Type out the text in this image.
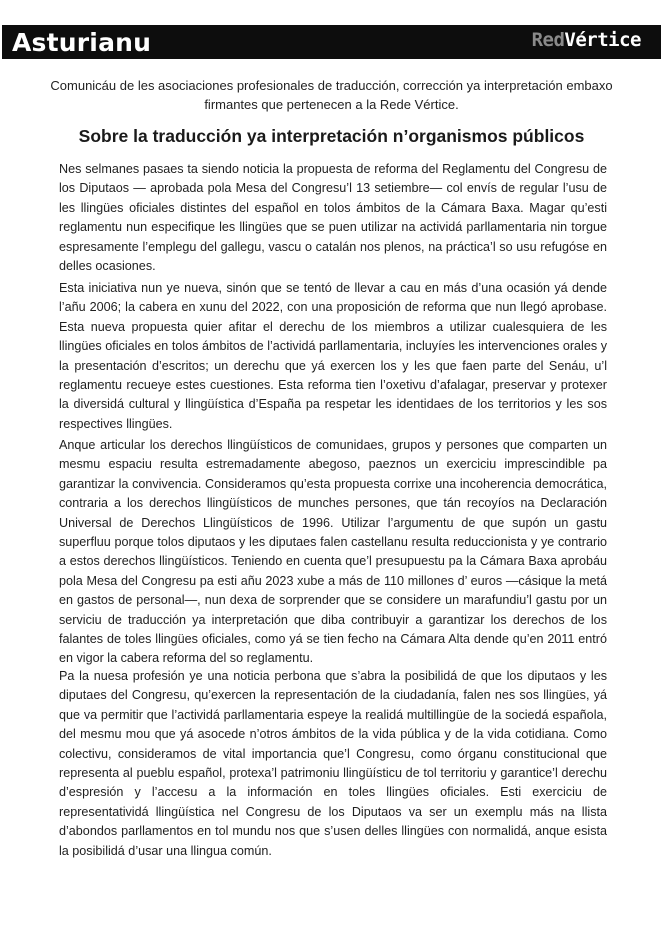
Asturianu	Red Vértice
Comunicáu de les asociaciones profesionales de traducción, corrección ya interpretación embaxo firmantes que pertenecen a la Rede Vértice.
Sobre la traducción ya interpretación n’organismos públicos

Nes selmanes pasaes ta siendo noticia la propuesta de reforma del Reglamentu del Congresu de los Diputaos — aprobada pola Mesa del Congresu’l 13 setiembre— col envís de regular l’usu de les llingües oficiales distintes del español en tolos ámbitos de la Cámara Baxa. Magar qu’esti reglamentu nun especifique les llingües que se puen utilizar na actividá parllamentaria nin torgue espresamente l’emplegu del gallegu, vascu o catalán nos plenos, na práctica’l so usu refugóse en delles ocasiones.

Esta iniciativa nun ye nueva, sinón que se tentó de llevar a cau en más d’una ocasión yá dende l’añu 2006; la cabera en xunu del 2022, con una proposición de reforma que nun llegó aprobase. Esta nueva propuesta quier afitar el derechu de los miembros a utilizar cualesquiera de les llingües oficiales en tolos ámbitos de l’actividá parllamentaria, incluyíes les intervenciones orales y la presentación d’escritos; un derechu que yá exercen los y les que faen parte del Senáu, u’l reglamentu recueye estes cuestiones. Esta reforma tien l’oxetivu d’afalagar, preservar y protexer la diversidá cultural y llingüística d’España pa respetar les identidaes de los territorios y les sos respectives llingües.

Anque articular los derechos llingüísticos de comunidaes, grupos y persones que comparten un mesmu espaciu resulta estremadamente abegoso, paeznos un exerciciu imprescindible pa garantizar la convivencia. Consideramos qu’esta propuesta corrixe una incoherencia democrática, contraria a los derechos llingüísticos de munches persones, que tán recoyíos na Declaración Universal de Derechos Llingüísticos de 1996. Utilizar l’argumentu de que supón un gastu superfluu porque tolos diputaos y les diputaes falen castellanu resulta reduccionista y ye contrario a estos derechos llingüísticos. Teniendo en cuenta que’l presupuestu pa la Cámara Baxa aprobáu pola Mesa del Congresu pa esti añu 2023 xube a más de 110 millones d’ euros —cásique la metá en gastos de personal—, nun dexa de sorprender que se considere un marafundiu’l gastu por un serviciu de traducción ya interpretación que diba contribuyir a garantizar los derechos de los falantes de toles llingües oficiales, como yá se tien fecho na Cámara Alta dende qu’en 2011 entró en vigor la cabera reforma del so reglamentu.

Pa la nuesa profesión ye una noticia perbona que s’abra la posibilidá de que los diputaos y les diputaes del Congresu, qu’exercen la representación de la ciudadanía, falen nes sos llingües, yá que va permitir que l’actividá parllamentaria espeye la realidá multillingüe de la sociedá española, del mesmu mou que yá asocede n’otros ámbitos de la vida pública y de la vida cotidiana. Como colectivu, consideramos de vital importancia que’l Congresu, como órganu constitucional que representa al pueblu español, protexa’l patrimoniu llingüísticu de tol territoriu y garantice’l derechu d’espresión y l’accesu a la información en toles llingües oficiales. Esti exerciciu de representatividá llingüística nel Congresu de los Diputaos va ser un exemplu más na llista d’abondos parllamentos en tol mundu nos que s’usen delles llingües con normalidá, anque esista la posibilidá d’usar una llingua común.
